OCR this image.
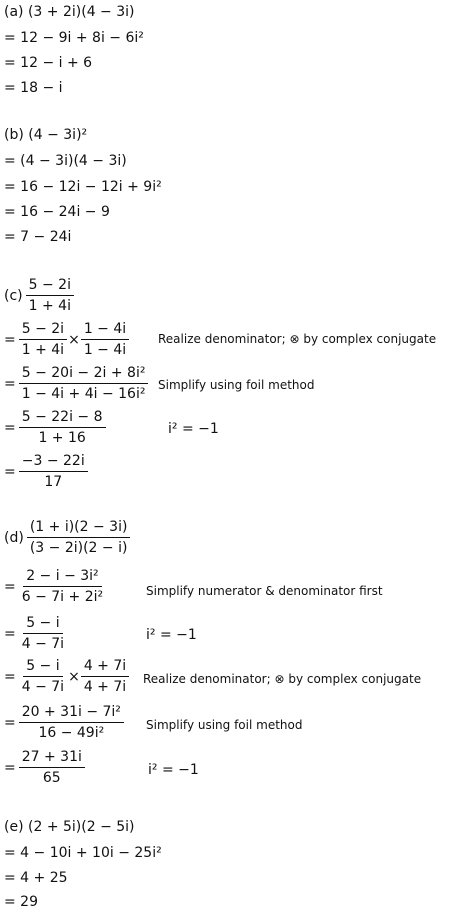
(a) (3 + 2i)(4 − 3i)
= 12 − 9i + 8i − 6i²
= 12 − i + 6
= 18 − i
(b) (4 − 3i)²
= (4 − 3i)(4 − 3i)
= 16 − 12i − 12i + 9i²
= 16 − 24i − 9
= 7 − 24i
$(c) \frac{5 - 2i}{1 + 4i}$
= $\frac{5 - 2i}{1 + 4i} \times \frac{1 - 4i}{1 - 4i}$ Realize denominator; ⊗ by complex conjugate
= $\frac{\text{5 − 20i − 2i + 8i²}}{\text{1 − 4i + 4i − 16i²}}$ Simplify using foil method
= $\frac{5 - 22i - 8}{1 + 16}$	i² = −1
= $\frac{-3 - 22i}{17}$
$(d) \frac{(1 + i)(2 - 3i)}{(3 - 2i)(2 - i)}$
= $\frac{\text{2 − i − 3i²}}{\text{6 − 7i + 2i²}}$	Simplify numerator & denominator first
= $\frac{5 - i}{4 - 7i}$	i² = −1
= $\frac{5 - i}{4 - 7i} \times \frac{4 + 7i}{4 + 7i}$ Realize denominator; ⊗ by complex conjugate
= $\frac{\text{20 + 31i − 7i²}}{\text{16 − 49i²}}$ Simplify using foil method
= $\frac{27 + 31i}{65}$	i² = −1
(e) (2 + 5i)(2 − 5i)
= 4 − 10i + 10i − 25i²
= 4 + 25
= 29
